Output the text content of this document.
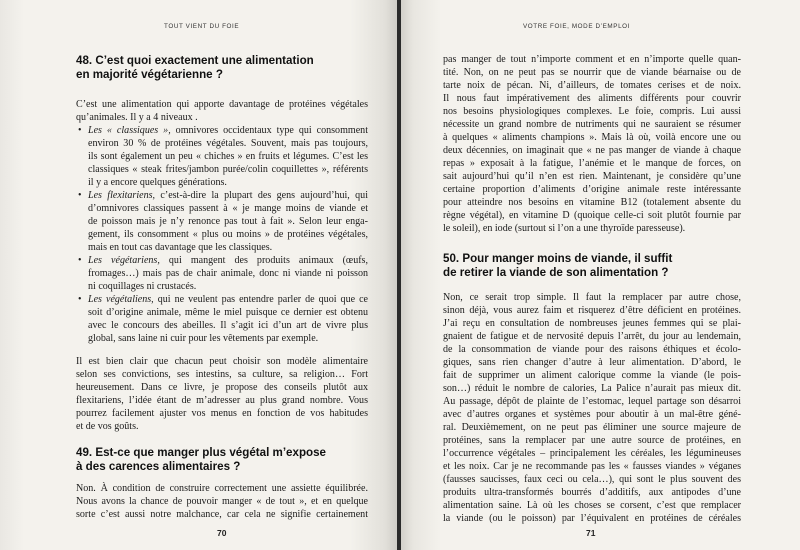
TOUT VIENT DU FOIE
48. C’est quoi exactement une alimentation
en majorité végétarienne ?
C’est une alimentation qui apporte davantage de protéines végétales
qu’animales. Il y a 4 niveaux .
• Les « classiques », omnivores occidentaux type qui consomment
environ 30 % de protéines végétales. Souvent, mais pas toujours,
ils sont également un peu « chiches » en fruits et légumes. C’est les
classiques « steak frites/jambon purée/colin coquillettes », référents
il y a encore quelques générations.
• Les flexitariens, c’est-à-dire la plupart des gens aujourd’hui, qui
d’omnivores classiques passent à « je mange moins de viande et
de poisson mais je n’y renonce pas tout à fait ». Selon leur enga-
gement, ils consomment « plus ou moins » de protéines végétales,
mais en tout cas davantage que les classiques.
• Les végétariens, qui mangent des produits animaux (œufs,
fromages…) mais pas de chair animale, donc ni viande ni poisson
ni coquillages ni crustacés.
• Les végétaliens, qui ne veulent pas entendre parler de quoi que ce
soit d’origine animale, même le miel puisque ce dernier est obtenu
avec le concours des abeilles. Il s’agit ici d’un art de vivre plus
global, sans laine ni cuir pour les vêtements par exemple.
Il est bien clair que chacun peut choisir son modèle alimentaire
selon ses convictions, ses intestins, sa culture, sa religion… Fort
heureusement. Dans ce livre, je propose des conseils plutôt aux
flexitariens, l’idée étant de m’adresser au plus grand nombre. Vous
pourrez facilement ajuster vos menus en fonction de vos habitudes
et de vos goûts.
49. Est-ce que manger plus végétal m’expose
à des carences alimentaires ?
Non. À condition de construire correctement une assiette équilibrée.
Nous avons la chance de pouvoir manger « de tout », et en quelque
sorte c’est aussi notre malchance, car cela ne signifie certainement
70
VOTRE FOIE, MODE D’EMPLOI
pas manger de tout n’importe comment et en n’importe quelle quan-
tité. Non, on ne peut pas se nourrir que de viande béarnaise ou de
tarte noix de pécan. Ni, d’ailleurs, de tomates cerises et de noix.
Il nous faut impérativement des aliments différents pour couvrir
nos besoins physiologiques complexes. Le foie, compris. Lui aussi
nécessite un grand nombre de nutriments qui ne sauraient se résumer
à quelques « aliments champions ». Mais là où, voilà encore une ou
deux décennies, on imaginait que « ne pas manger de viande à chaque
repas » exposait à la fatigue, l’anémie et le manque de forces, on
sait aujourd’hui qu’il n’en est rien. Maintenant, je considère qu’une
certaine proportion d’aliments d’origine animale reste intéressante
pour atteindre nos besoins en vitamine B12 (totalement absente du
règne végétal), en vitamine D (quoique celle-ci soit plutôt fournie par
le soleil), en iode (surtout si l’on a une thyroïde paresseuse).
50. Pour manger moins de viande, il suffit
de retirer la viande de son alimentation ?
Non, ce serait trop simple. Il faut la remplacer par autre chose,
sinon déjà, vous aurez faim et risquerez d’être déficient en protéines.
J’ai reçu en consultation de nombreuses jeunes femmes qui se plai-
gnaient de fatigue et de nervosité depuis l’arrêt, du jour au lendemain,
de la consommation de viande pour des raisons éthiques et écolo-
giques, sans rien changer d’autre à leur alimentation. D’abord, le
fait de supprimer un aliment calorique comme la viande (le pois-
son…) réduit le nombre de calories, La Palice n’aurait pas mieux dit.
Au passage, dépôt de plainte de l’estomac, lequel partage son désarroi
avec d’autres organes et systèmes pour aboutir à un mal-être géné-
ral. Deuxièmement, on ne peut pas éliminer une source majeure de
protéines, sans la remplacer par une autre source de protéines, en
l’occurrence végétales – principalement les céréales, les légumineuses
et les noix. Car je ne recommande pas les « fausses viandes » véganes
(fausses saucisses, faux ceci ou cela…), qui sont le plus souvent des
produits ultra-transformés bourrés d’additifs, aux antipodes d’une
alimentation saine. Là où les choses se corsent, c’est que remplacer
la viande (ou le poisson) par l’équivalent en protéines de céréales
71
